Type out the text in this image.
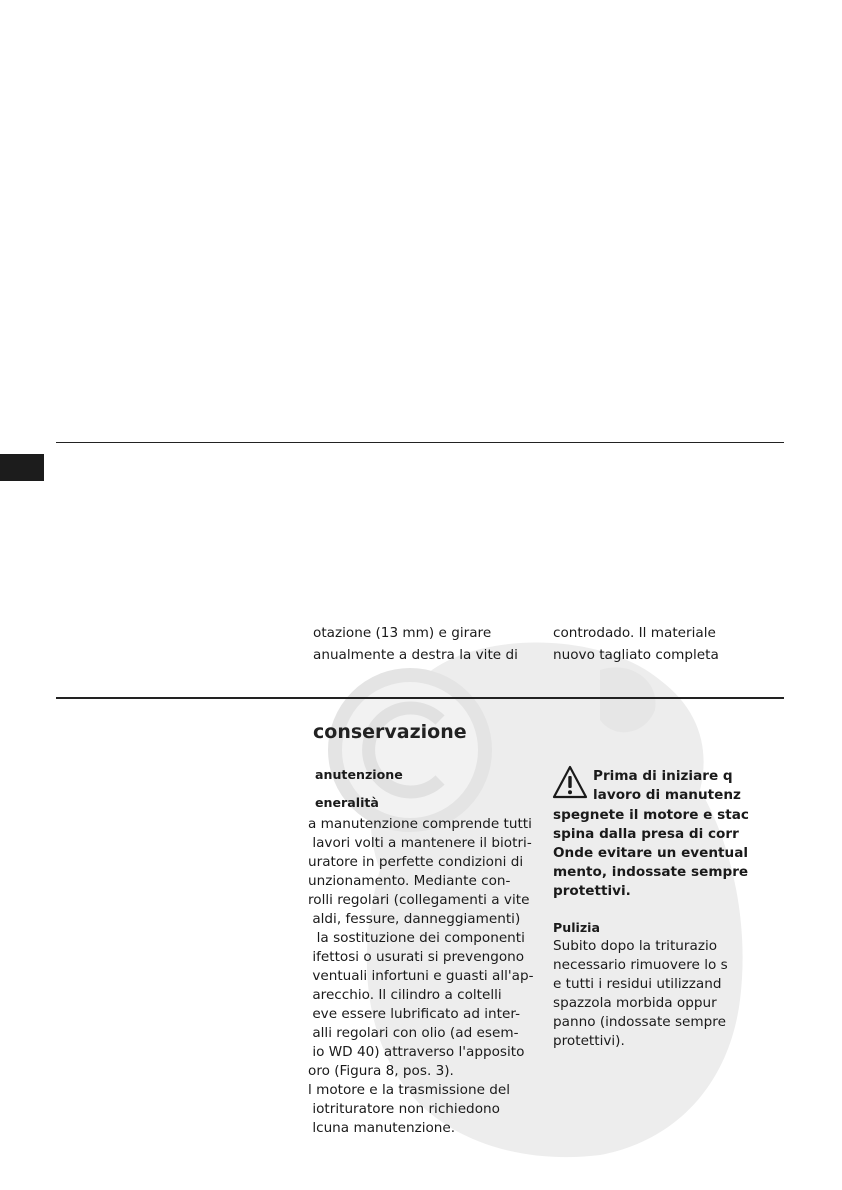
otazione (13 mm) e girare
anualmente a destra la vite di
controdado. Il materiale
nuovo tagliato completa
conservazione
anutenzione
eneralità
a manutenzione comprende tutti
lavori volti a mantenere il biotri-
uratore in perfette condizioni di
unzionamento. Mediante con-
rolli regolari (collegamenti a vite
aldi, fessure, danneggiamenti)
la sostituzione dei componenti
ifettosi o usurati si prevengono
ventuali infortuni e guasti all'ap-
arecchio. Il cilindro a coltelli
eve essere lubrificato ad inter-
alli regolari con olio (ad esem-
io WD 40) attraverso l'apposito
oro (Figura 8, pos. 3).
l motore e la trasmissione del
iotrituratore non richiedono
lcuna manutenzione.
Prima di iniziare q
lavoro di manutenz
spegnete il motore e stac
spina dalla presa di corr
Onde evitare un eventual
mento, indossate sempre
protettivi.
Pulizia
Subito dopo la triturazio
necessario rimuovere lo s
e tutti i residui utilizzand
spazzola morbida oppur
panno (indossate sempre
protettivi).
